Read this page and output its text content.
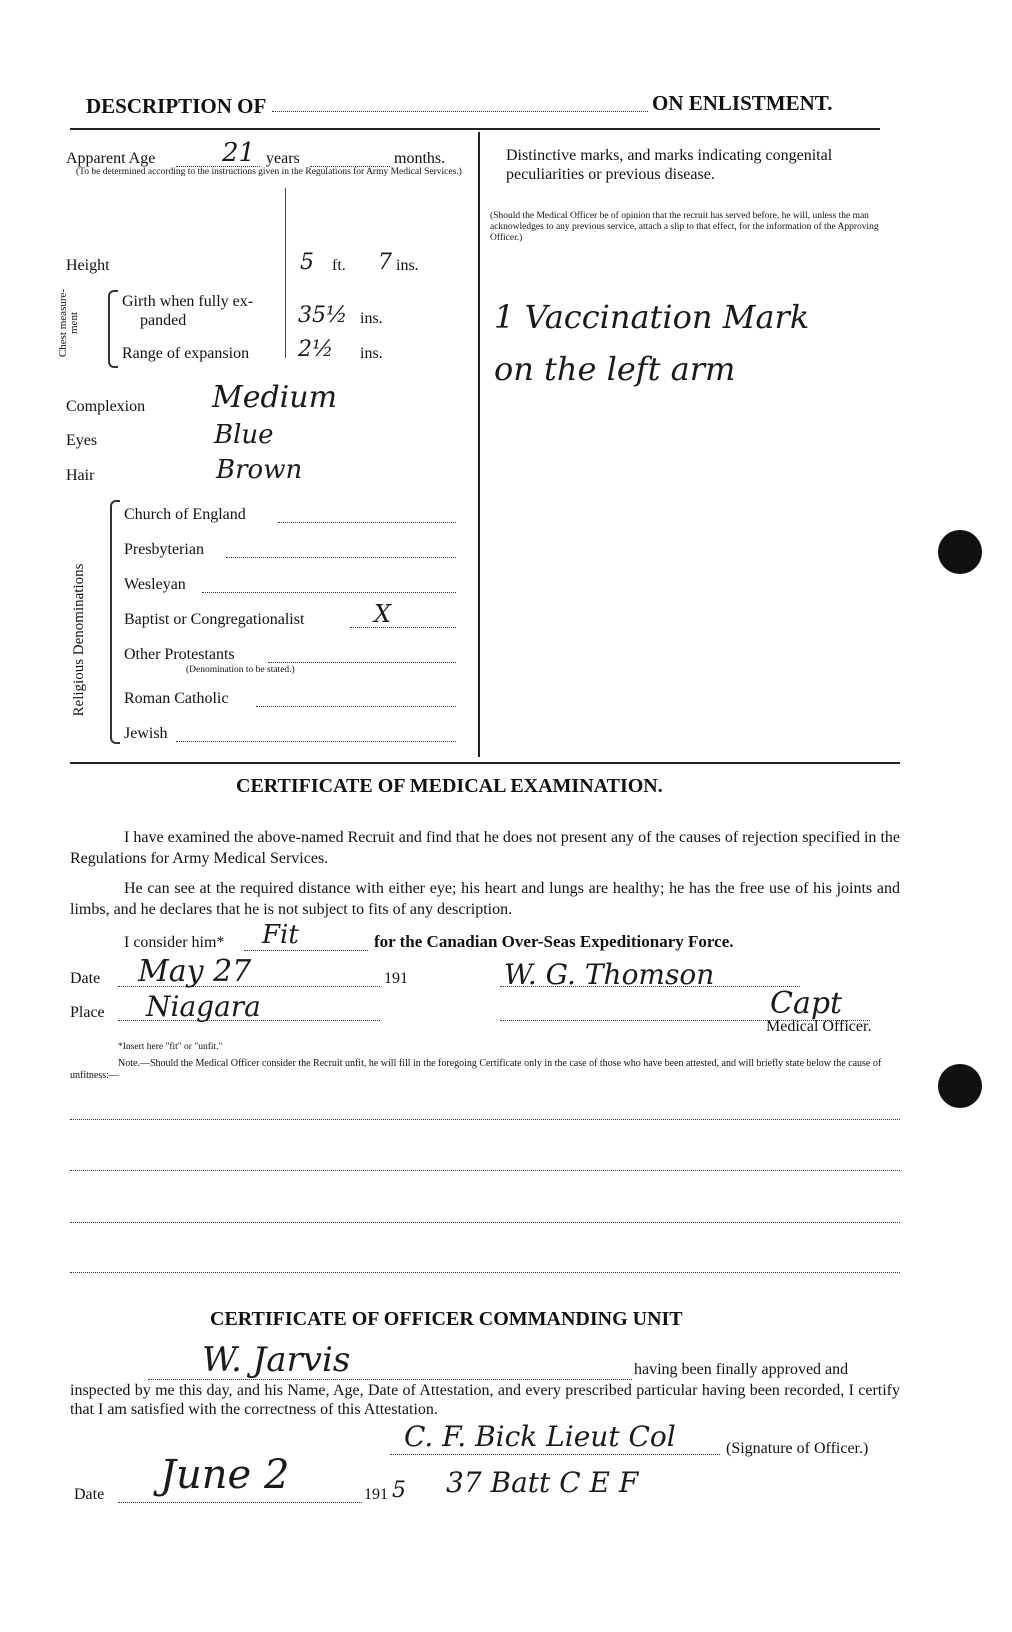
DESCRIPTION OF	ON ENLISTMENT.
Apparent Age	21 years	months.
(To be determined according to the instructions given in the Regulations for Army Medical Services.)
Height	5 ft. 7 ins.
Chest measure-ment
Girth when fully ex-
panded	35½ ins.
Range of expansion 2½ ins.
Complexion Medium
Eyes	Blue
Hair	Brown
Religious Denominations
Church of England
Presbyterian
Wesleyan
Baptist or Congregationalist	X
Other Protestants
(Denomination to be stated.)
Roman Catholic
Jewish
Distinctive marks, and marks indicating congenital peculiarities or previous disease.
(Should the Medical Officer be of opinion that the recruit has served before, he will, unless the man acknowledges to any previous service, attach a slip to that effect, for the information of the Approving Officer.)
1 Vaccination Mark
on the left arm
CERTIFICATE OF MEDICAL EXAMINATION.
I have examined the above-named Recruit and find that he does not present any of the causes of rejection specified in the Regulations for Army Medical Services.
He can see at the required distance with either eye; his heart and lungs are healthy; he has the free use of his joints and limbs, and he declares that he is not subject to fits of any description.
I consider him* Fit	for the Canadian Over-Seas Expeditionary Force.
Date May 27	191	W. G. Thomson
Place Niagara	Capt
Medical Officer.
*Insert here "fit" or "unfit."
Note.—Should the Medical Officer consider the Recruit unfit, he will fill in the foregoing Certificate only in the case of those who have been attested, and will briefly state below the cause of unfitness:—
CERTIFICATE OF OFFICER COMMANDING UNIT
W. Jarvis	having been finally approved and
inspected by me this day, and his Name, Age, Date of Attestation, and every prescribed particular having been recorded, I certify that I am satisfied with the correctness of this Attestation.
C. F. Bick Lieut Col	(Signature of Officer.)
Date June 2	191 5 37 Batt C E F
